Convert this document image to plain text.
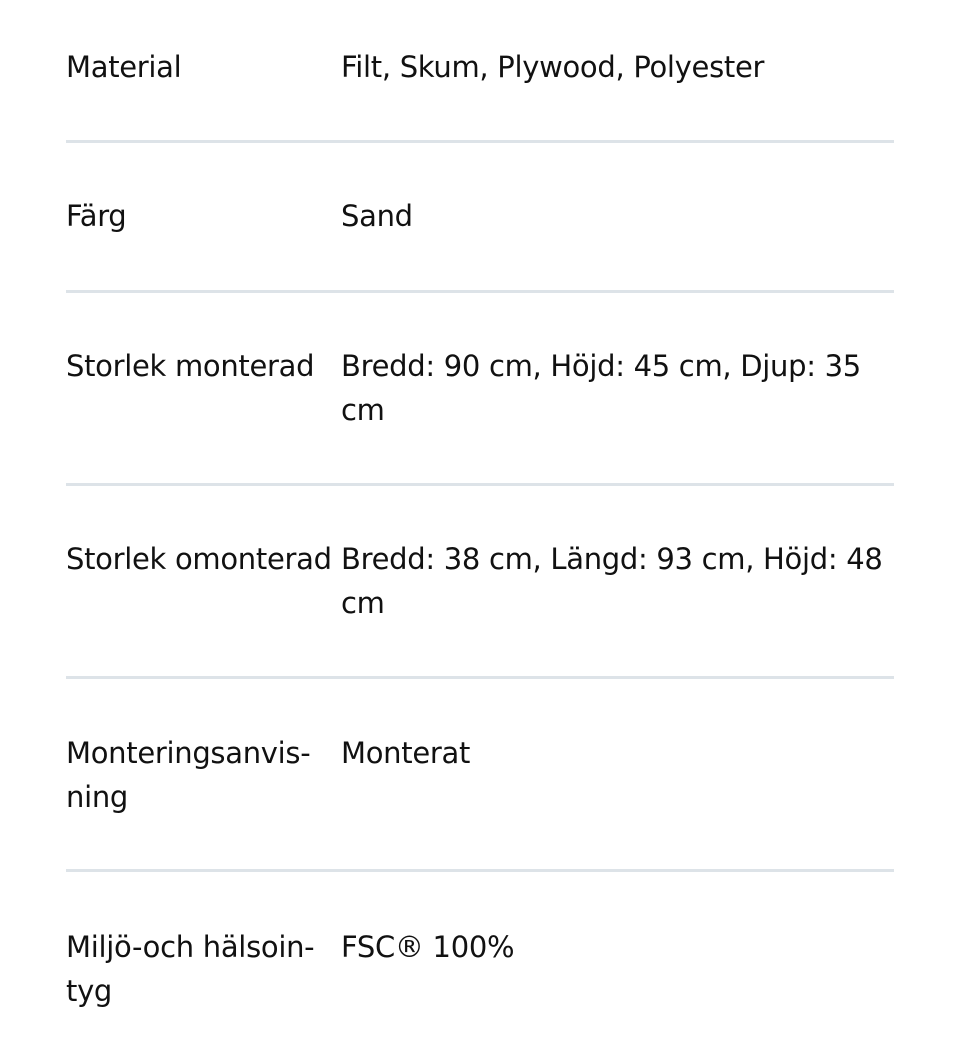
Material	Filt, Skum, Plywood, Polyester
Färg	Sand
Storlek monterad Bredd: 90 cm, Höjd: 45 cm, Djup: 35
cm
Storlek omonterad Bredd: 38 cm, Längd: 93 cm, Höjd: 48
cm
Monteringsanvis-
ning
Monterat
Miljö-och hälsoin-
tyg
FSC® 100%
